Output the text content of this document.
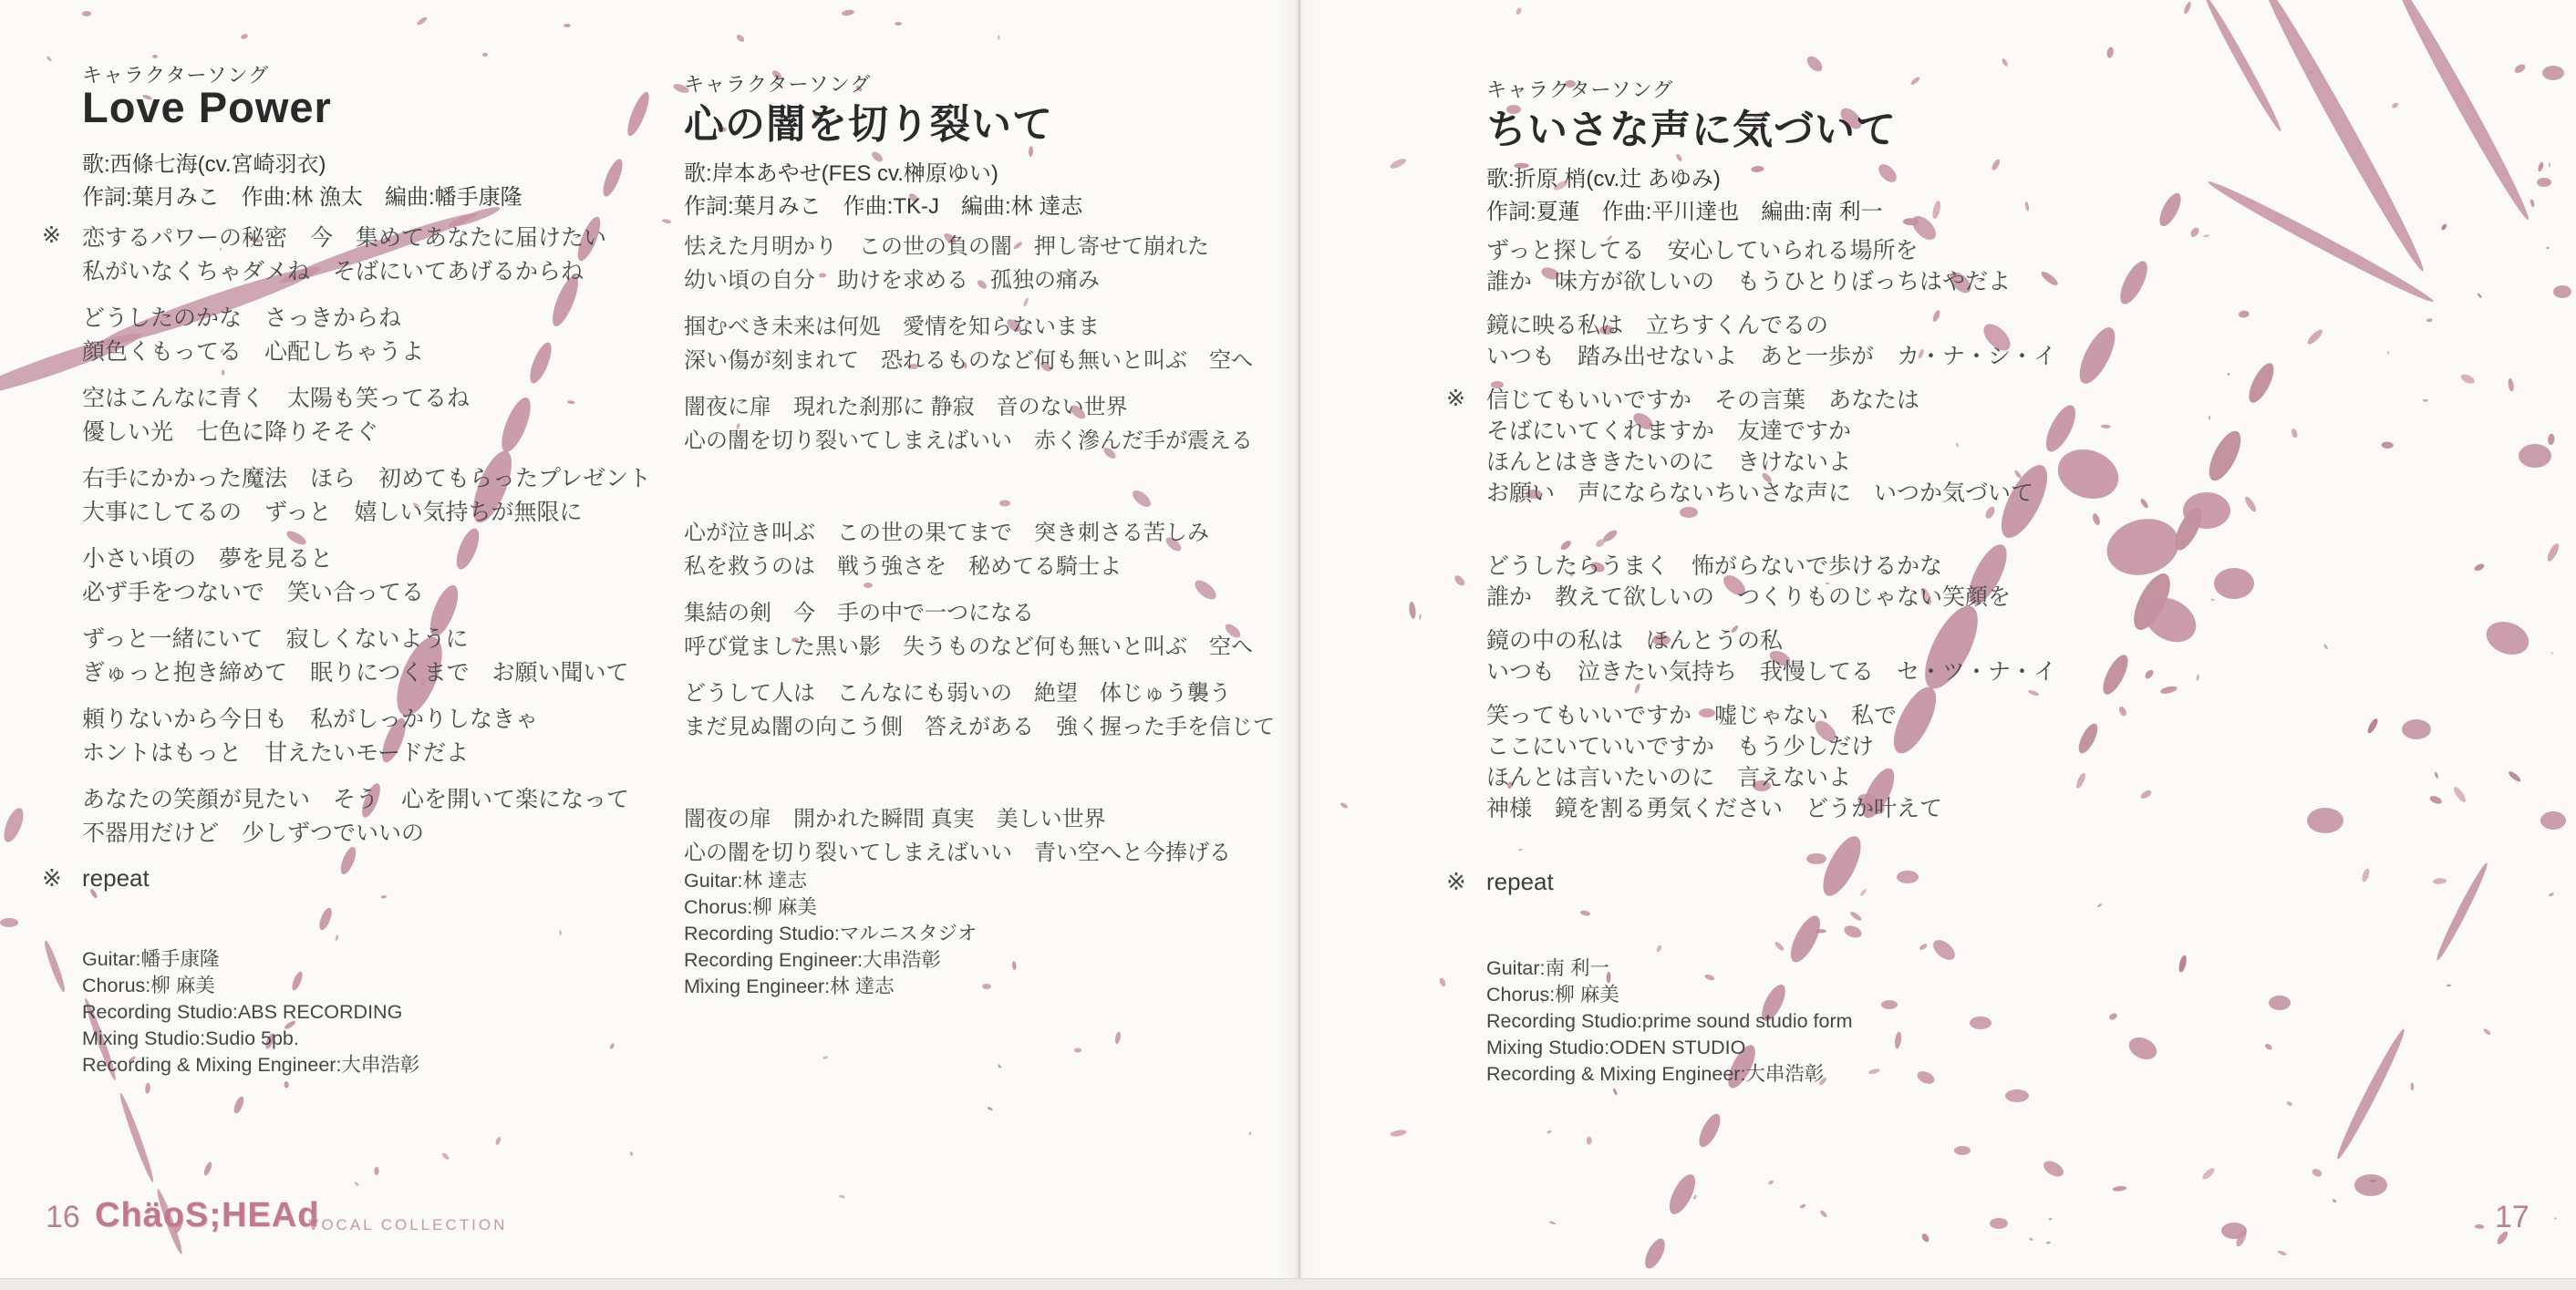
キャラクターソング
Love Power
歌:西條七海(cv.宮崎羽衣)
作詞:葉月みこ　作曲:林 漁太　編曲:幡手康隆
※ 恋するパワーの秘密　今　集めてあなたに届けたい
私がいなくちゃダメね　そばにいてあげるからね
どうしたのかな　さっきからね
顔色くもってる　心配しちゃうよ
空はこんなに青く　太陽も笑ってるね
優しい光　七色に降りそそぐ
右手にかかった魔法　ほら　初めてもらったプレゼント
大事にしてるの　ずっと　嬉しい気持ちが無限に
小さい頃の　夢を見ると
必ず手をつないで　笑い合ってる
ずっと一緒にいて　寂しくないように
ぎゅっと抱き締めて　眠りにつくまで　お願い聞いて
頼りないから今日も　私がしっかりしなきゃ
ホントはもっと　甘えたいモードだよ
あなたの笑顔が見たい　そう　心を開いて楽になって
不器用だけど　少しずつでいいの
※ repeat
Guitar:幡手康隆
Chorus:柳 麻美
Recording Studio:ABS RECORDING
Mixing Studio:Sudio 5pb.
Recording & Mixing Engineer:大串浩彰
キャラクターソング
心の闇を切り裂いて
歌:岸本あやせ(FES cv.榊原ゆい)
作詞:葉月みこ　作曲:TK-J　編曲:林 達志
怯えた月明かり　この世の負の闇　押し寄せて崩れた
幼い頃の自分　助けを求める　孤独の痛み
掴むべき未来は何処　愛情を知らないまま
深い傷が刻まれて　恐れるものなど何も無いと叫ぶ　空へ
闇夜に扉　現れた刹那に 静寂　音のない世界
心の闇を切り裂いてしまえばいい　赤く滲んだ手が震える
心が泣き叫ぶ　この世の果てまで　突き刺さる苦しみ
私を救うのは　戦う強さを　秘めてる騎士よ
集結の剣　今　手の中で一つになる
呼び覚ました黒い影　失うものなど何も無いと叫ぶ　空へ
どうして人は　こんなにも弱いの　絶望　体じゅう襲う
まだ見ぬ闇の向こう側　答えがある　強く握った手を信じて
闇夜の扉　開かれた瞬間 真実　美しい世界
心の闇を切り裂いてしまえばいい　青い空へと今捧げる
Guitar:林 達志
Chorus:柳 麻美
Recording Studio:マルニスタジオ
Recording Engineer:大串浩彰
Mixing Engineer:林 達志
キャラクターソング
ちいさな声に気づいて
歌:折原 梢(cv.辻 あゆみ)
作詞:夏蓮　作曲:平川達也　編曲:南 利一
ずっと探してる　安心していられる場所を
誰か　味方が欲しいの　もうひとりぼっちはやだよ
鏡に映る私は　立ちすくんでるの
いつも　踏み出せないよ　あと一歩が　カ・ナ・シ・イ
※ 信じてもいいですか　その言葉　あなたは
そばにいてくれますか　友達ですか
ほんとはききたいのに　きけないよ
お願い　声にならないちいさな声に　いつか気づいて
どうしたらうまく　怖がらないで歩けるかな
誰か　教えて欲しいの　つくりものじゃない笑顔を
鏡の中の私は　ほんとうの私
いつも　泣きたい気持ち　我慢してる　セ・ツ・ナ・イ
笑ってもいいですか　嘘じゃない　私で
ここにいていいですか　もう少しだけ
ほんとは言いたいのに　言えないよ
神様　鏡を割る勇気ください　どうか叶えて
※ repeat
Guitar:南 利一
Chorus:柳 麻美
Recording Studio:prime sound studio form
Mixing Studio:ODEN STUDIO
Recording & Mixing Engineer:大串浩彰
16 ChäoS;HEAd
VOCAL COLLECTION	17
